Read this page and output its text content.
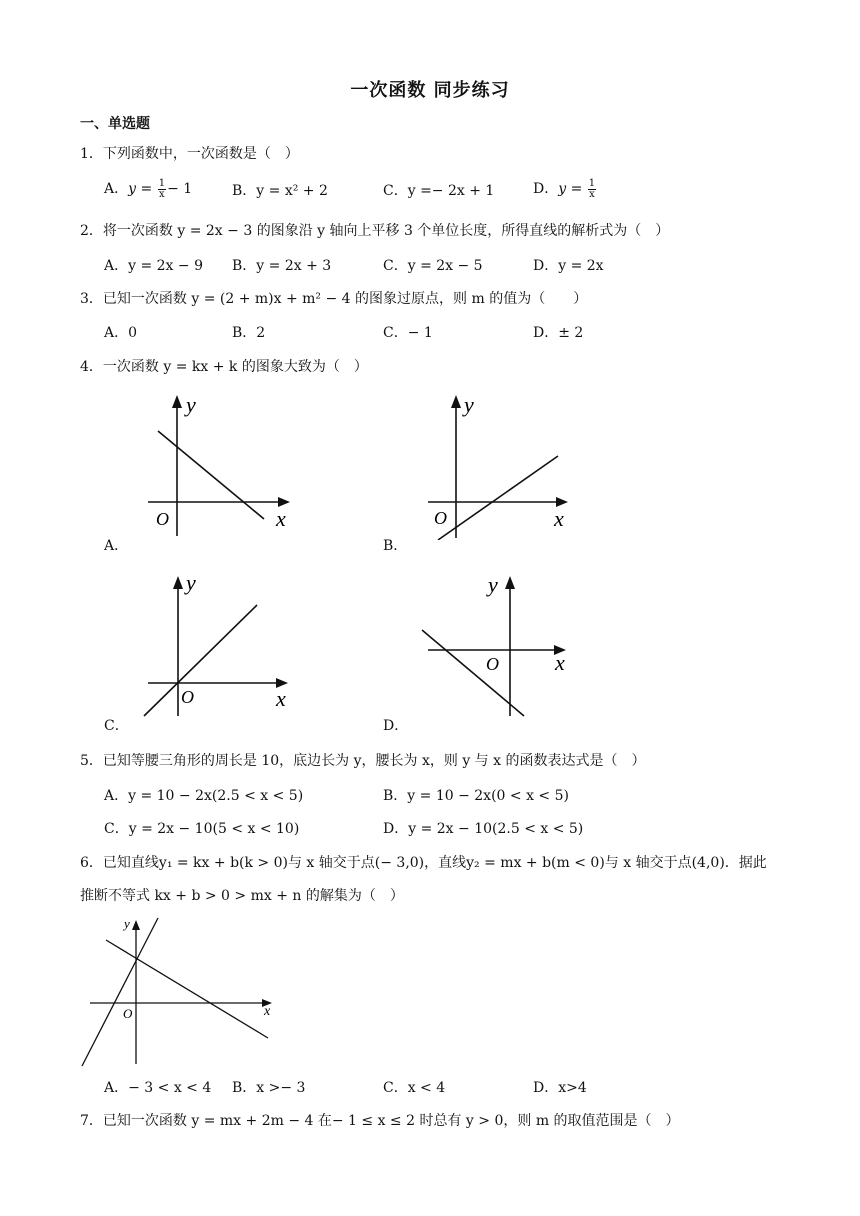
一次函数 同步练习
一、单选题
1．下列函数中，一次函数是（　）
A．$y = \frac{1}{x} - 1$	B．y = x² + 2	C．y =− 2x + 1	D．$y = \frac{1}{x}$
2．将一次函数 y = 2x − 3 的图象沿 y 轴向上平移 3 个单位长度，所得直线的解析式为（　）
A．y = 2x − 9 B．y = 2x + 3	C．y = 2x − 5	D．y = 2x
3．已知一次函数 y = (2 + m)x + m² − 4 的图象过原点，则 m 的值为（　　）
A．0	B．2	C．− 1	D．± 2
4．一次函数 y = kx + k 的图象大致为（　）
y
x
O
A．
y
x
O
B．
y
x
O
C．
y
x
O
D．
5．已知等腰三角形的周长是 10，底边长为 y，腰长为 x，则 y 与 x 的函数表达式是（　）
A．y = 10 − 2x(2.5 < x < 5)	B．y = 10 − 2x(0 < x < 5)
C．y = 2x − 10(5 < x < 10)	D．y = 2x − 10(2.5 < x < 5)
6．已知直线y₁ = kx + b(k > 0)与 x 轴交于点(− 3,0)，直线y₂ = mx + b(m < 0)与 x 轴交于点(4,0)．据此
推断不等式 kx + b > 0 > mx + n 的解集为（　）
y
x
O
A．− 3 < x < 4 B．x >− 3	C．x < 4	D．x>4
7．已知一次函数 y = mx + 2m − 4 在− 1 ≤ x ≤ 2 时总有 y > 0，则 m 的取值范围是（　）
